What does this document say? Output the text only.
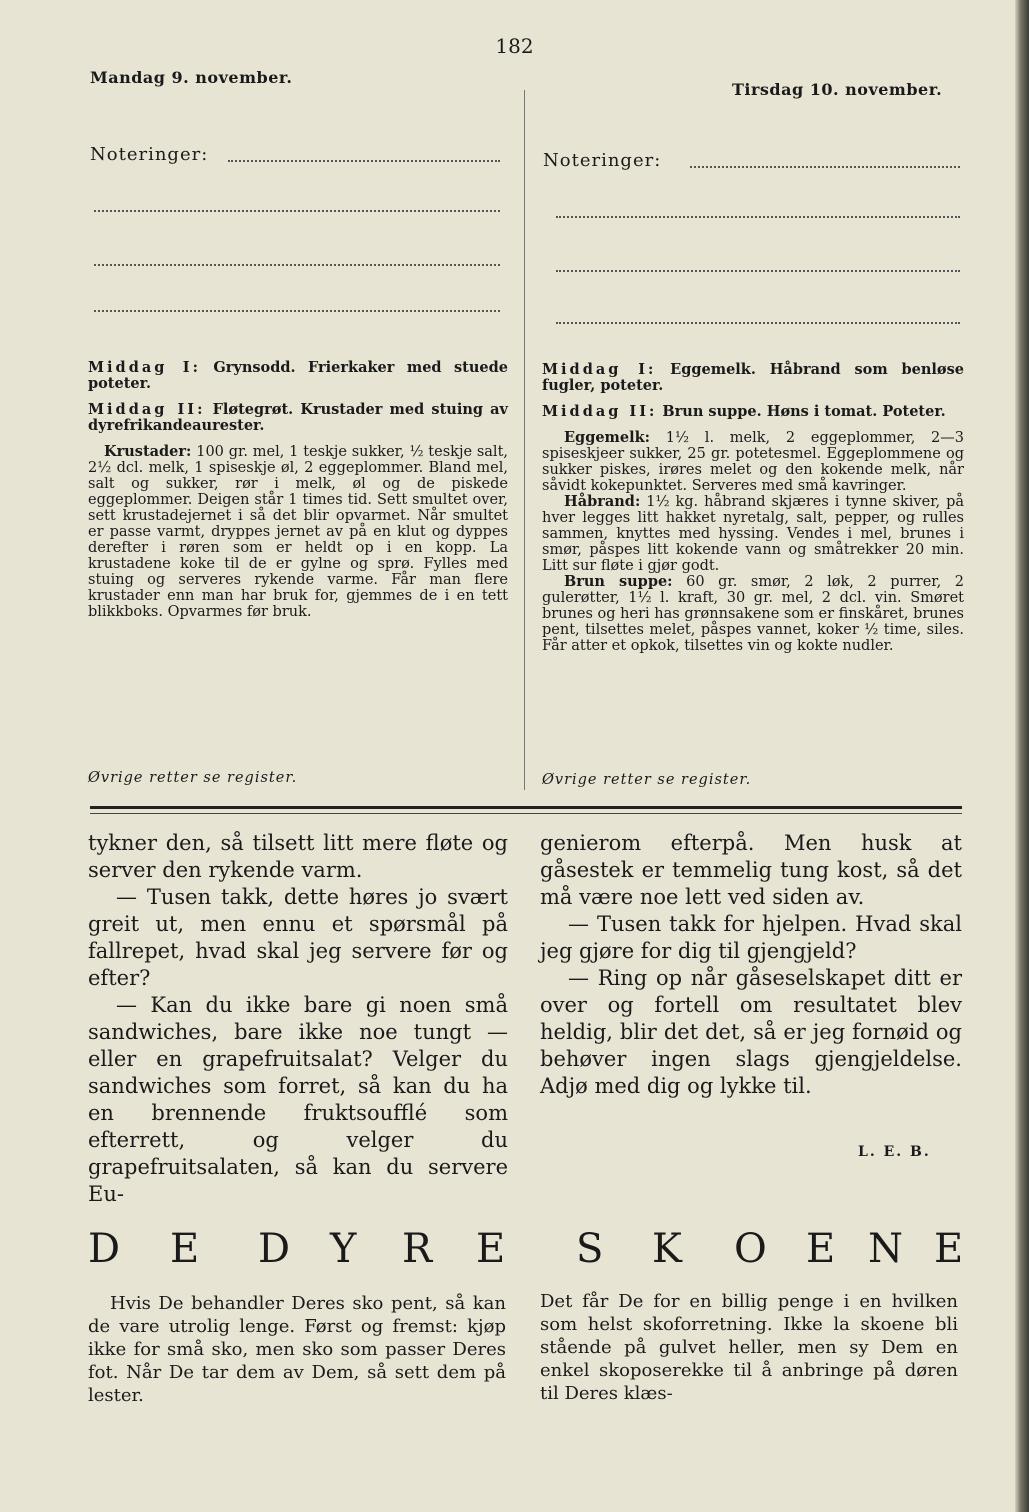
182
Mandag 9. november.
Tirsdag 10. november.
Noteringer:	Noteringer:

Middag I: Grynsodd. Frierkaker med stuede poteter.

Middag II: Fløtegrøt. Krustader med stuing av dyrefrikandeaurester.

Krustader: 100 gr. mel, 1 teskje sukker, ½ teskje salt, 2½ dcl. melk, 1 spiseskje øl, 2 eggeplommer. Bland mel, salt og sukker, rør i melk, øl og de piskede eggeplommer. Deigen står 1 times tid. Sett smultet over, sett krustadejernet i så det blir opvarmet. Når smultet er passe varmt, dryppes jernet av på en klut og dyppes derefter i røren som er heldt op i en kopp. La krustadene koke til de er gylne og sprø. Fylles med stuing og serveres rykende varme. Får man flere krustader enn man har bruk for, gjemmes de i en tett blikkboks. Opvarmes før bruk.

Øvrige retter se register.

Middag I: Eggemelk. Håbrand som benløse fugler, poteter.

Middag II: Brun suppe. Høns i tomat. Poteter.

Eggemelk: 1½ l. melk, 2 eggeplommer, 2—3 spiseskjeer sukker, 25 gr. potetesmel. Eggeplommene og sukker piskes, irøres melet og den kokende melk, når såvidt kokepunktet. Serveres med små kavringer.

Håbrand: 1½ kg. håbrand skjæres i tynne skiver, på hver legges litt hakket nyretalg, salt, pepper, og rulles sammen, knyttes med hyssing. Vendes i mel, brunes i smør, påspes litt kokende vann og småtrekker 20 min. Litt sur fløte i gjør godt.

Brun suppe: 60 gr. smør, 2 løk, 2 purrer, 2 gulerøtter, 1½ l. kraft, 30 gr. mel, 2 dcl. vin. Smøret brunes og heri has grønnsakene som er finskåret, brunes pent, tilsettes melet, påspes vannet, koker ½ time, siles. Får atter et opkok, tilsettes vin og kokte nudler.

Øvrige retter se register.

tykner den, så tilsett litt mere fløte og server den rykende varm.

— Tusen takk, dette høres jo svært greit ut, men ennu et spørsmål på fallrepet, hvad skal jeg servere før og efter?

— Kan du ikke bare gi noen små sandwiches, bare ikke noe tungt — eller en grapefruitsalat? Velger du sandwiches som forret, så kan du ha en brennende fruktsoufflé som efterrett, og velger du grapefruitsalaten, så kan du servere Eu-

genierom efterpå. Men husk at gåsestek er temmelig tung kost, så det må være noe lett ved siden av.

— Tusen takk for hjelpen. Hvad skal jeg gjøre for dig til gjengjeld?

— Ring op når gåseselskapet ditt er over og fortell om resultatet blev heldig, blir det det, så er jeg fornøid og behøver ingen slags gjengjeldelse. Adjø med dig og lykke til.

L. E. B.
D E D Y R E S K O E N E

Hvis De behandler Deres sko pent, så kan de vare utrolig lenge. Først og fremst: kjøp ikke for små sko, men sko som passer Deres fot. Når De tar dem av Dem, så sett dem på lester.

Det får De for en billig penge i en hvilken som helst skoforretning. Ikke la skoene bli stående på gulvet heller, men sy Dem en enkel skoposerekke til å anbringe på døren til Deres klæs-
